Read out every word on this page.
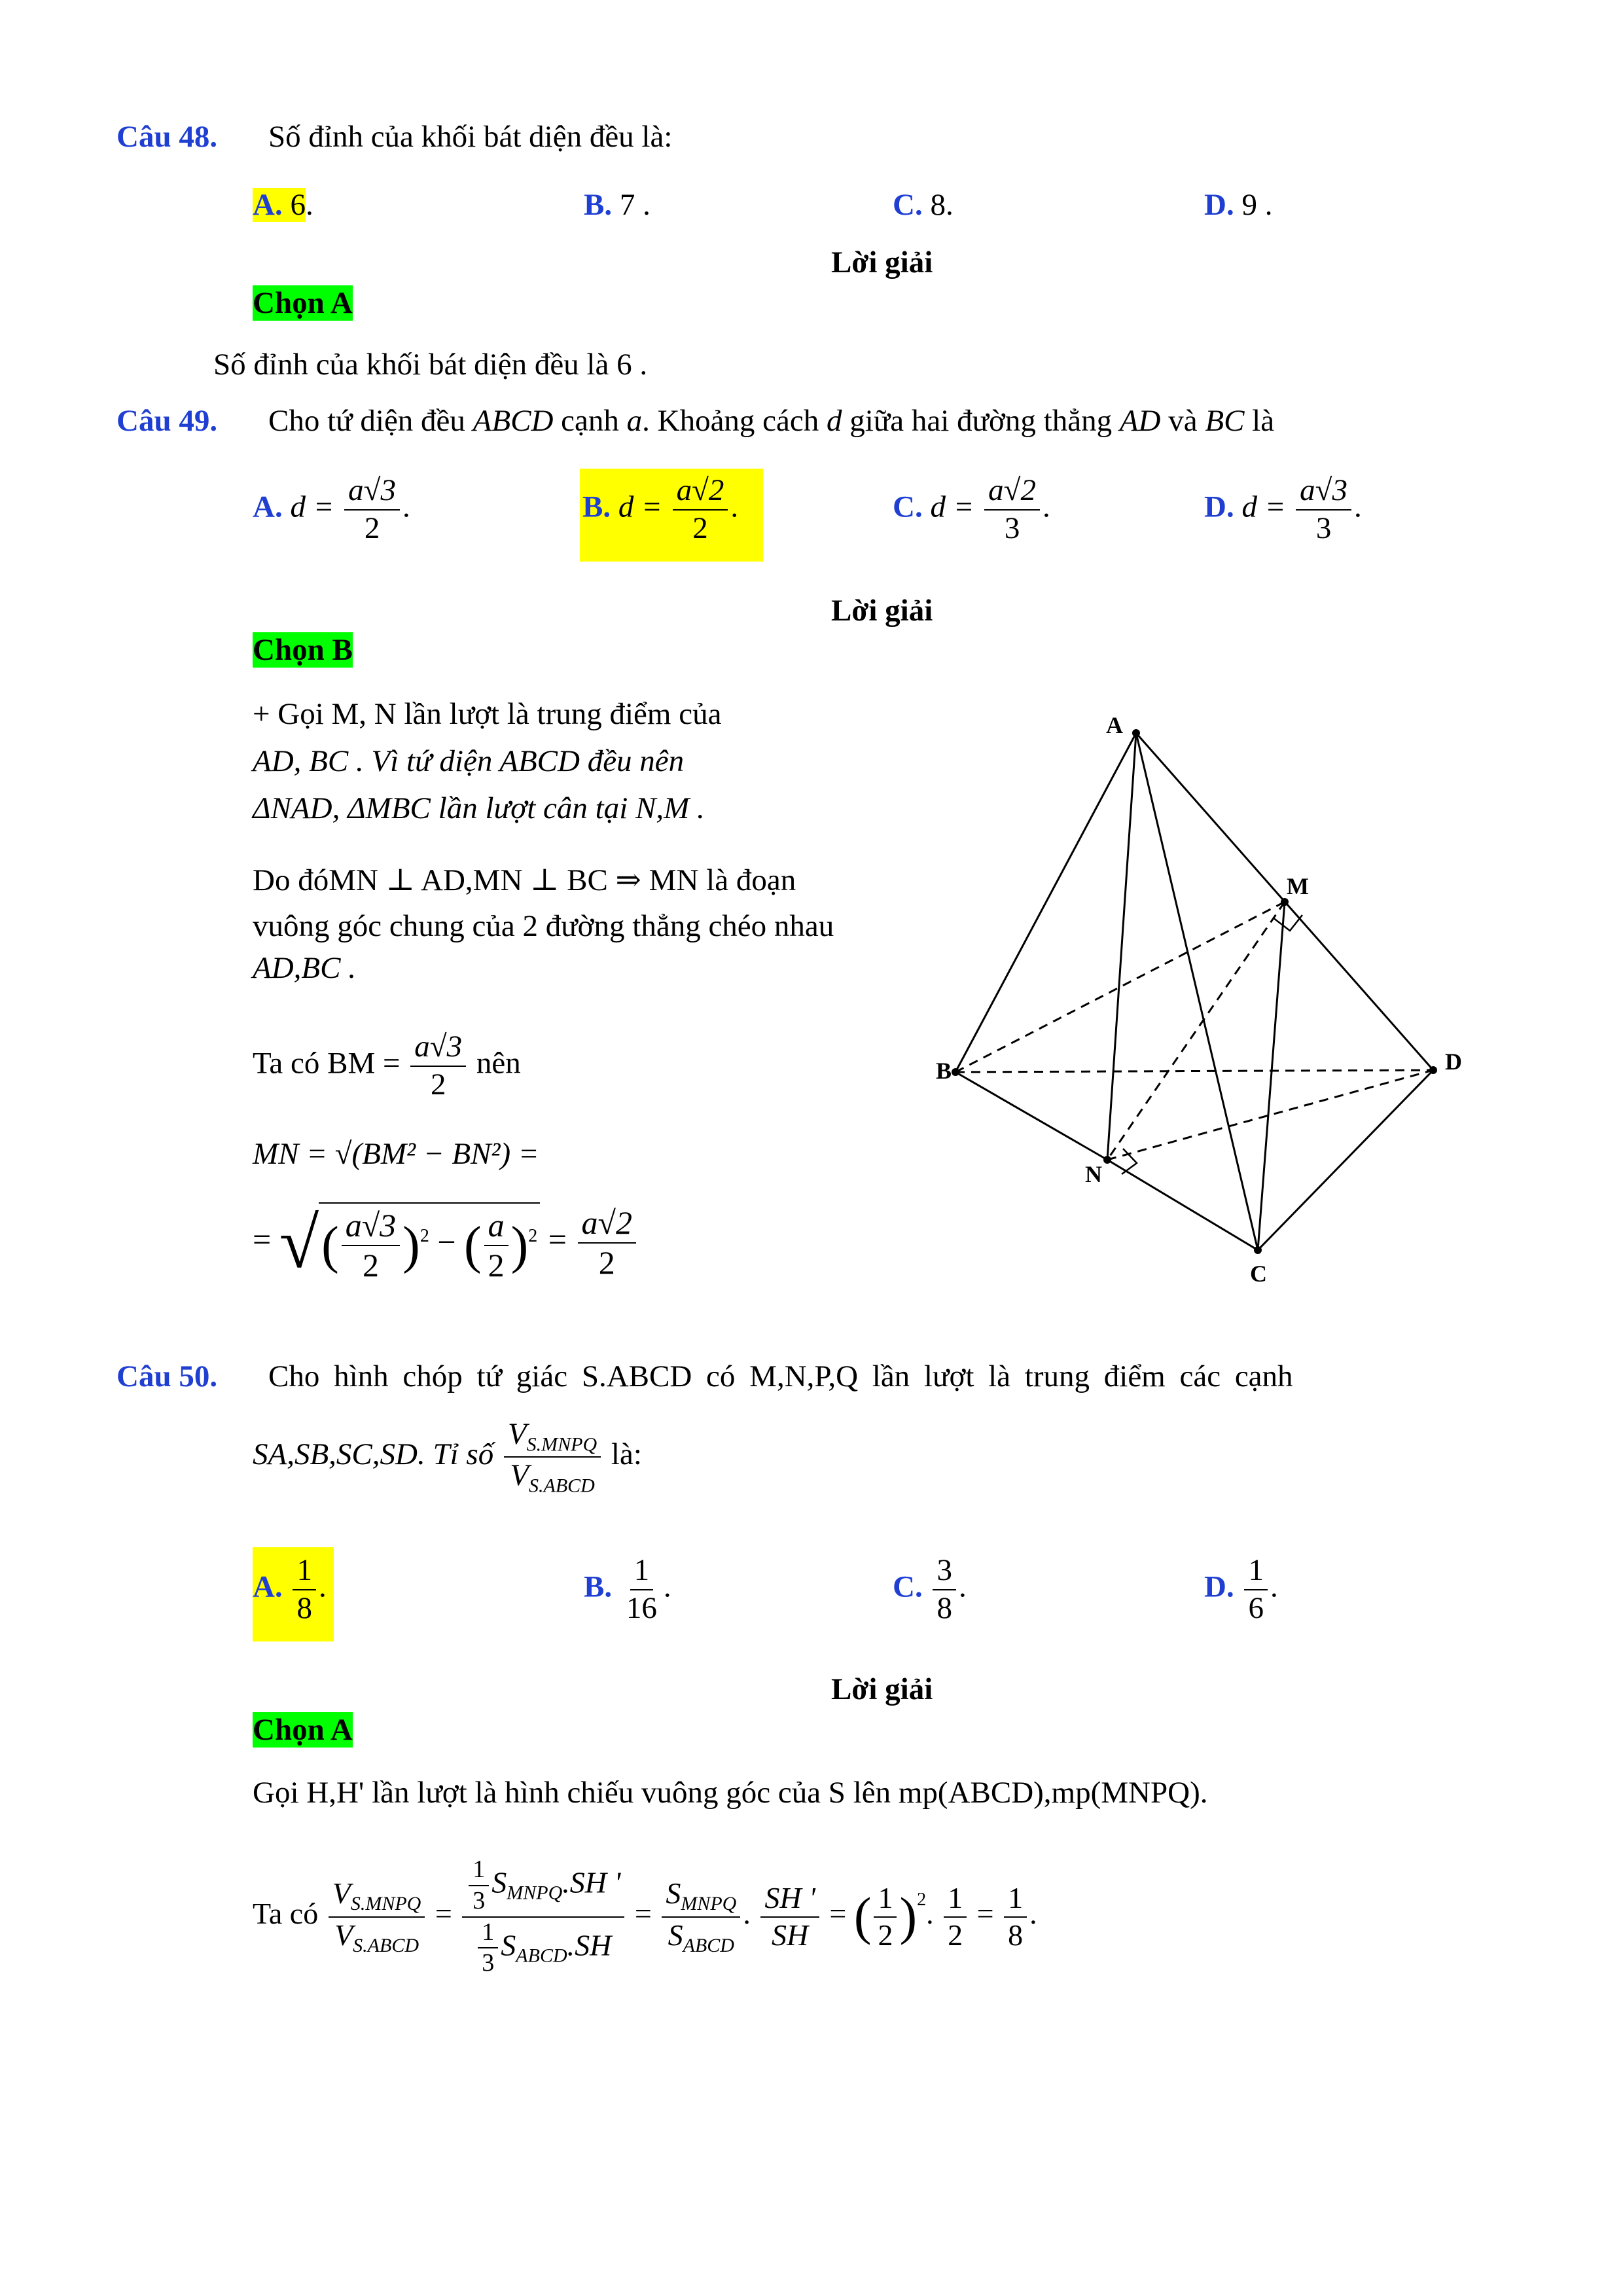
Câu 48. Số đỉnh của khối bát diện đều là:
A. 6.	B. 7 .	C. 8.	D. 9 .
Lời giải
Chọn A
Số đỉnh của khối bát diện đều là 6 .
Câu 49. Cho tứ diện đều ABCD cạnh a. Khoảng cách d giữa hai đường thẳng AD và BC là
A. $d = \frac{a√3}{2}$ .	B. $d = \frac{a√2}{2}$ .	C. $d = \frac{a√2}{3}$ .	D. $d = \frac{a√3}{3}$ .
Lời giải
Chọn B
+ Gọi M, N lần lượt là trung điểm của
AD, BC . Vì tứ diện ABCD đều nên
ΔNAD, ΔMBC lần lượt cân tại N,M .
Do đóMN ⊥ AD,MN ⊥ BC ⇒ MN là đoạn
vuông góc chung của 2 đường thẳng chéo nhau
AD,BC .
Ta có BM = $\frac{a√3}{2}$ nên
MN = √(BM² − BN²) =
= √( $\frac{a√3}{2} )^2$ − ( $\frac{a}{2} )^2 = \frac{a√2}{2}$
A
B
C
D
M
N
Câu 50. Cho hình chóp tứ giác S.ABCD có M,N,P,Q lần lượt là trung điểm các cạnh
SA,SB,SC,SD. Tỉ số $\frac{V_{S.MNPQ}}{V_{S.ABCD}}$ là:
A. $\frac{1}{8}$ .	B. $\frac{1}{16}$ .	C. $\frac{3}{8}$ .	D. $\frac{1}{6}$ .
Lời giải
Chọn A
Gọi H,H' lần lượt là hình chiếu vuông góc của S lên mp(ABCD),mp(MNPQ).
Ta có $\frac{V_{S.MNPQ}}{V_{S.ABCD}} = \frac{\frac{1}{3} S_{MNPQ}.SH '}{\frac{1}{3} S_{ABCD}.SH} = \frac{S_{MNPQ}}{S_{ABCD}}$ . $\frac{SH '}{SH}$ = ( $\frac{1}{2} )^2$. $\frac{1}{2} = \frac{1}{8}$ .
